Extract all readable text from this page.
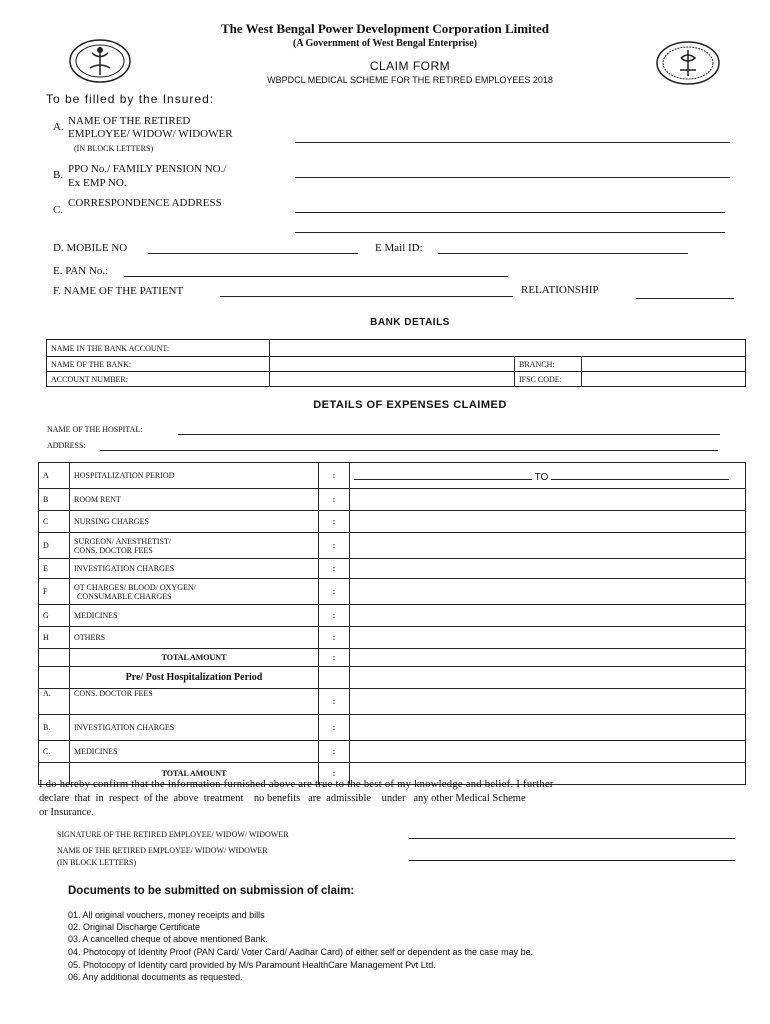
The West Bengal Power Development Corporation Limited
(A Government of West Bengal Enterprise)
CLAIM FORM
WBPDCL MEDICAL SCHEME FOR THE RETIRED EMPLOYEES 2018
To be filled by the Insured:
A. NAME OF THE RETIRED
EMPLOYEE/ WIDOW/ WIDOWER
(IN BLOCK LETTERS)
B. PPO No./ FAMILY PENSION NO./
Ex EMP NO.
C.
CORRESPONDENCE ADDRESS
D. MOBILE NO	E Mail ID:
E. PAN No.:
F. NAME OF THE PATIENT	RELATIONSHIP
BANK DETAILS
NAME IN THE BANK ACCOUNT:			
NAME OF THE BANK:		BRANCH:	
ACCOUNT NUMBER:		IFSC CODE:	
DETAILS OF EXPENSES CLAIMED
NAME OF THE HOSPITAL:
ADDRESS:
A	HOSPITALIZATION PERIOD	:	TO
B	ROOM RENT	:	
C	NURSING CHARGES	:	
D	SURGEON/ ANESTHETIST/
CONS. DOCTOR FEES	:	
E	INVESTIGATION CHARGES	:	
F	OT CHARGES/ BLOOD/ OXYGEN/
CONSUMABLE CHARGES	:	
G	MEDICINES	:	
H	OTHERS	:	
	TOTAL AMOUNT	:	
	Pre/ Post Hospitalization Period		
A.	CONS. DOCTOR FEES	:	
B.	INVESTIGATION CHARGES	:	
C.	MEDICINES	:	
	TOTAL AMOUNT	:	
I do hereby confirm that the information furnished above are true to the best of my knowledge and belief. I further
declare  that  in  respect  of the  above  treatment    no benefits   are  admissible    under   any other Medical Scheme
or Insurance.
SIGNATURE OF THE RETIRED EMPLOYEE/ WIDOW/ WIDOWER
NAME OF THE RETIRED EMPLOYEE/ WIDOW/ WIDOWER
(IN BLOCK LETTERS)
Documents to be submitted on submission of claim:
01. All original vouchers, money receipts and bills
02. Original Discharge Certificate
03. A cancelled cheque of above mentioned Bank.
04. Photocopy of Identity Proof (PAN Card/ Voter Card/ Aadhar Card) of either self or dependent as the case may be.
05. Photocopy of Identity card provided by M/s Paramount HealthCare Management Pvt Ltd.
06. Any additional documents as requested.
